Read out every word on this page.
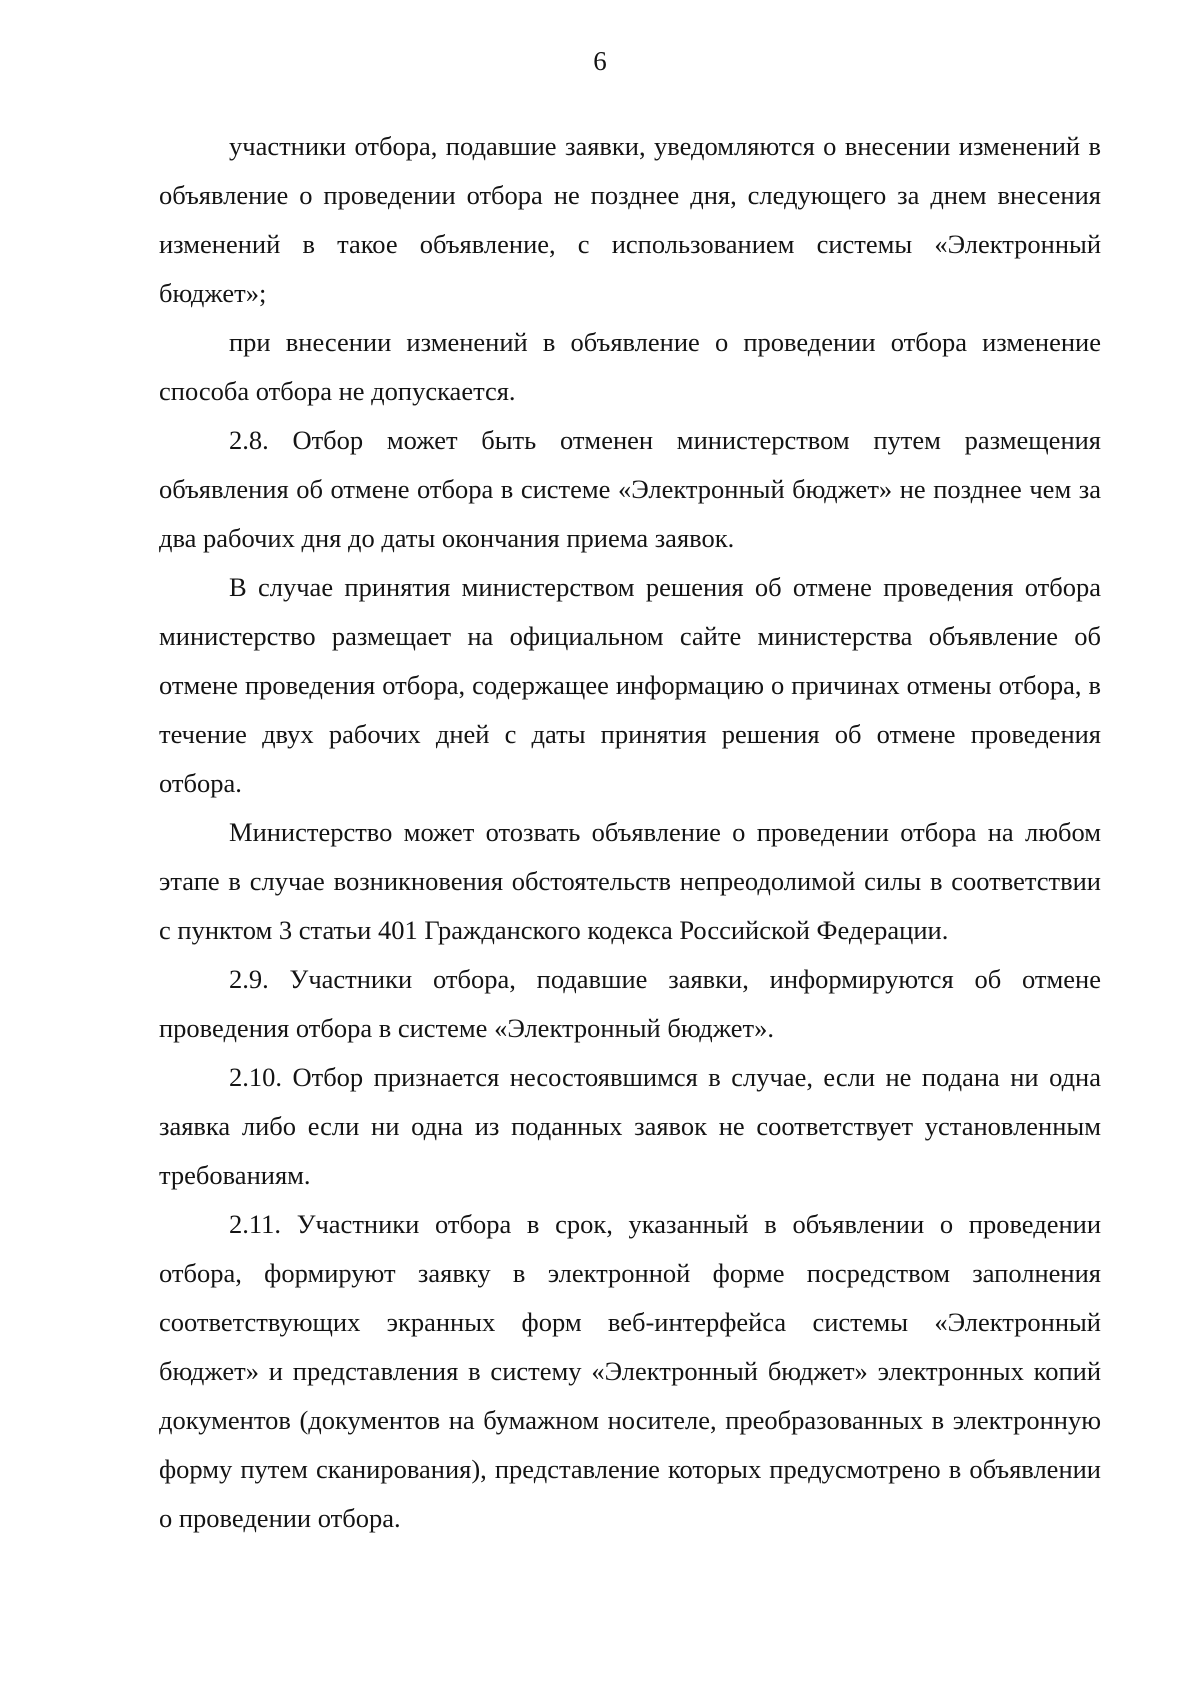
6

участники отбора, подавшие заявки, уведомляются о внесении изменений в объявление о проведении отбора не позднее дня, следующего за днем внесения изменений в такое объявление, с использованием системы «Электронный бюджет»;

при внесении изменений в объявление о проведении отбора изменение способа отбора не допускается.

2.8. Отбор может быть отменен министерством путем размещения объявления об отмене отбора в системе «Электронный бюджет» не позднее чем за два рабочих дня до даты окончания приема заявок.

В случае принятия министерством решения об отмене проведения отбора министерство размещает на официальном сайте министерства объявление об отмене проведения отбора, содержащее информацию о причинах отмены отбора, в течение двух рабочих дней с даты принятия решения об отмене проведения отбора.

Министерство может отозвать объявление о проведении отбора на любом этапе в случае возникновения обстоятельств непреодолимой силы в соответствии с пунктом 3 статьи 401 Гражданского кодекса Российской Федерации.

2.9. Участники отбора, подавшие заявки, информируются об отмене проведения отбора в системе «Электронный бюджет».

2.10. Отбор признается несостоявшимся в случае, если не подана ни одна заявка либо если ни одна из поданных заявок не соответствует установленным требованиям.

2.11. Участники отбора в срок, указанный в объявлении о проведении отбора, формируют заявку в электронной форме посредством заполнения соответствующих экранных форм веб-интерфейса системы «Электронный бюджет» и представления в систему «Электронный бюджет» электронных копий документов (документов на бумажном носителе, преобразованных в электронную форму путем сканирования), представление которых предусмотрено в объявлении о проведении отбора.
